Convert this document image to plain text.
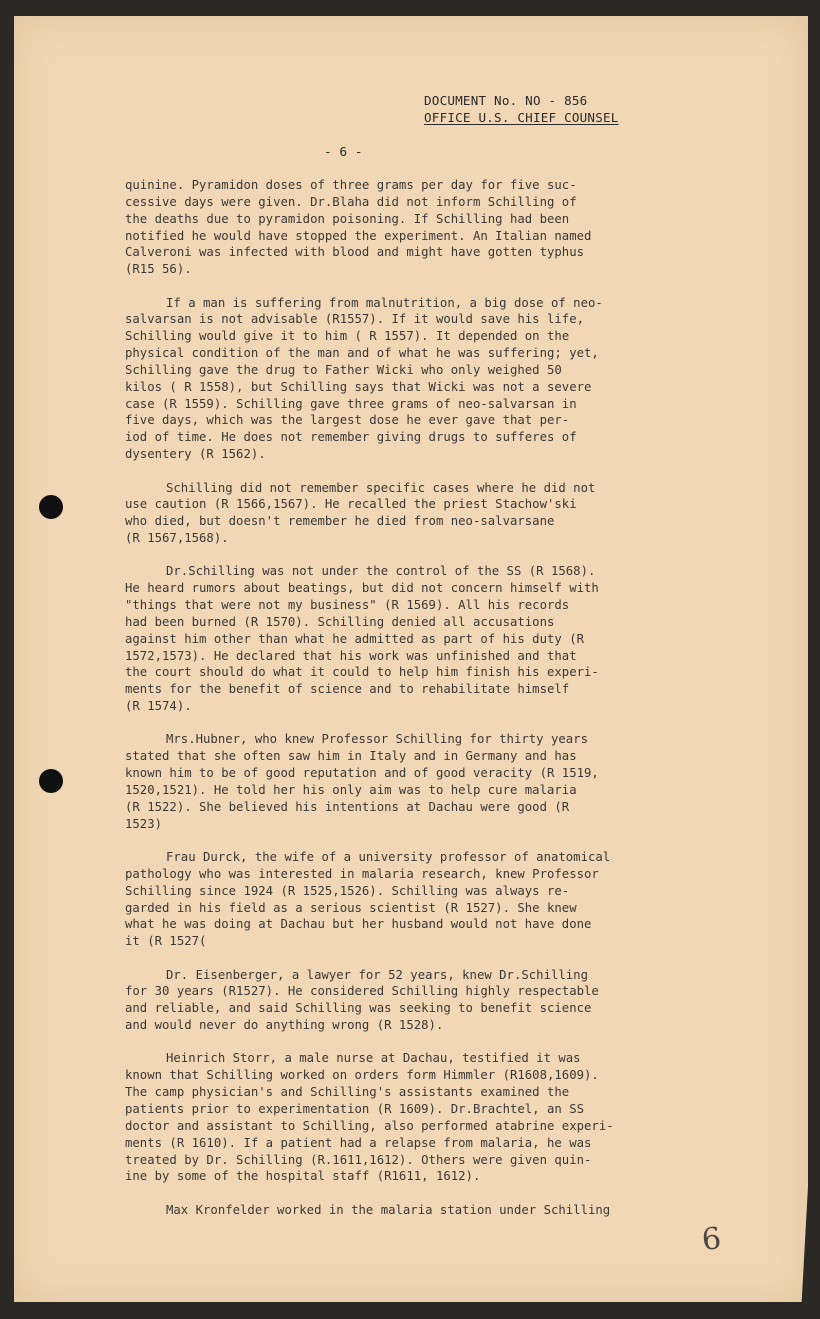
DOCUMENT No. NO - 856
OFFICE U.S. CHIEF COUNSEL
- 6 -
quinine. Pyramidon doses of three grams per day for five suc-
cessive days were given. Dr.Blaha did not inform Schilling of
the deaths due to pyramidon poisoning. If Schilling had been
notified he would have stopped the experiment. An Italian named
Calveroni was infected with blood and might have gotten typhus
(R15 56).
If a man is suffering from malnutrition, a big dose of neo-
salvarsan is not advisable (R1557). If it would save his life,
Schilling would give it to him ( R 1557). It depended on the
physical condition of the man and of what he was suffering; yet,
Schilling gave the drug to Father Wicki who only weighed 50
kilos ( R 1558), but Schilling says that Wicki was not a severe
case (R 1559). Schilling gave three grams of neo-salvarsan in
five days, which was the largest dose he ever gave that per-
iod of time. He does not remember giving drugs to sufferes of
dysentery (R 1562).
Schilling did not remember specific cases where he did not
use caution (R 1566,1567). He recalled the priest Stachow'ski
who died, but doesn't remember he died from neo-salvarsane
(R 1567,1568).
Dr.Schilling was not under the control of the SS (R 1568).
He heard rumors about beatings, but did not concern himself with
"things that were not my business" (R 1569). All his records
had been burned (R 1570). Schilling denied all accusations
against him other than what he admitted as part of his duty (R
1572,1573). He declared that his work was unfinished and that
the court should do what it could to help him finish his experi-
ments for the benefit of science and to rehabilitate himself
(R 1574).
Mrs.Hubner, who knew Professor Schilling for thirty years
stated that she often saw him in Italy and in Germany and has
known him to be of good reputation and of good veracity (R 1519,
1520,1521). He told her his only aim was to help cure malaria
(R 1522). She believed his intentions at Dachau were good (R
1523)
Frau Durck, the wife of a university professor of anatomical
pathology who was interested in malaria research, knew Professor
Schilling since 1924 (R 1525,1526). Schilling was always re-
garded in his field as a serious scientist (R 1527). She knew
what he was doing at Dachau but her husband would not have done
it (R 1527(
Dr. Eisenberger, a lawyer for 52 years, knew Dr.Schilling
for 30 years (R1527). He considered Schilling highly respectable
and reliable, and said Schilling was seeking to benefit science
and would never do anything wrong (R 1528).
Heinrich Storr, a male nurse at Dachau, testified it was
known that Schilling worked on orders form Himmler (R1608,1609).
The camp physician's and Schilling's assistants examined the
patients prior to experimentation (R 1609). Dr.Brachtel, an SS
doctor and assistant to Schilling, also performed atabrine experi-
ments (R 1610). If a patient had a relapse from malaria, he was
treated by Dr. Schilling (R.1611,1612). Others were given quin-
ine by some of the hospital staff (R1611, 1612).
Max Kronfelder worked in the malaria station under Schilling
6
